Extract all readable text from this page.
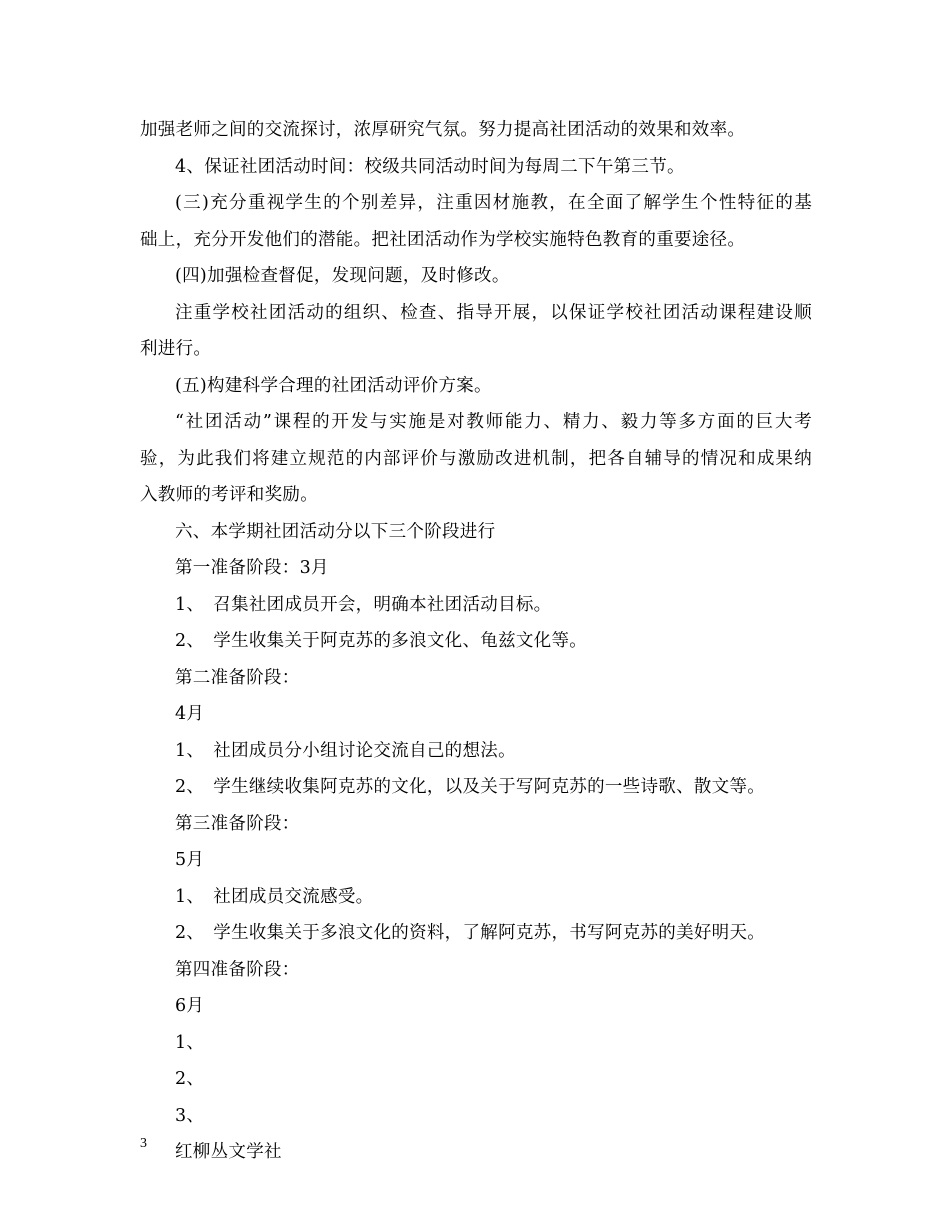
加强老师之间的交流探讨，浓厚研究气氛。努力提高社团活动的效果和效率。
4、保证社团活动时间：校级共同活动时间为每周二下午第三节。
(三)充分重视学生的个别差异，注重因材施教，在全面了解学生个性特征的基
础上，充分开发他们的潜能。把社团活动作为学校实施特色教育的重要途径。
(四)加强检查督促，发现问题，及时修改。
注重学校社团活动的组织、检查、指导开展，以保证学校社团活动课程建设顺
利进行。
(五)构建科学合理的社团活动评价方案。
“社团活动”课程的开发与实施是对教师能力、精力、毅力等多方面的巨大考
验，为此我们将建立规范的内部评价与激励改进机制，把各自辅导的情况和成果纳
入教师的考评和奖励。
六、本学期社团活动分以下三个阶段进行
第一准备阶段：3月
1、　召集社团成员开会，明确本社团活动目标。
2、　学生收集关于阿克苏的多浪文化、龟兹文化等。
第二准备阶段：
4月
1、　社团成员分小组讨论交流自己的想法。
2、　学生继续收集阿克苏的文化，以及关于写阿克苏的一些诗歌、散文等。
第三准备阶段：
5月
1、　社团成员交流感受。
2、　学生收集关于多浪文化的资料，了解阿克苏，书写阿克苏的美好明天。
第四准备阶段：
6月
1、
2、
3、
红柳丛文学社
3
